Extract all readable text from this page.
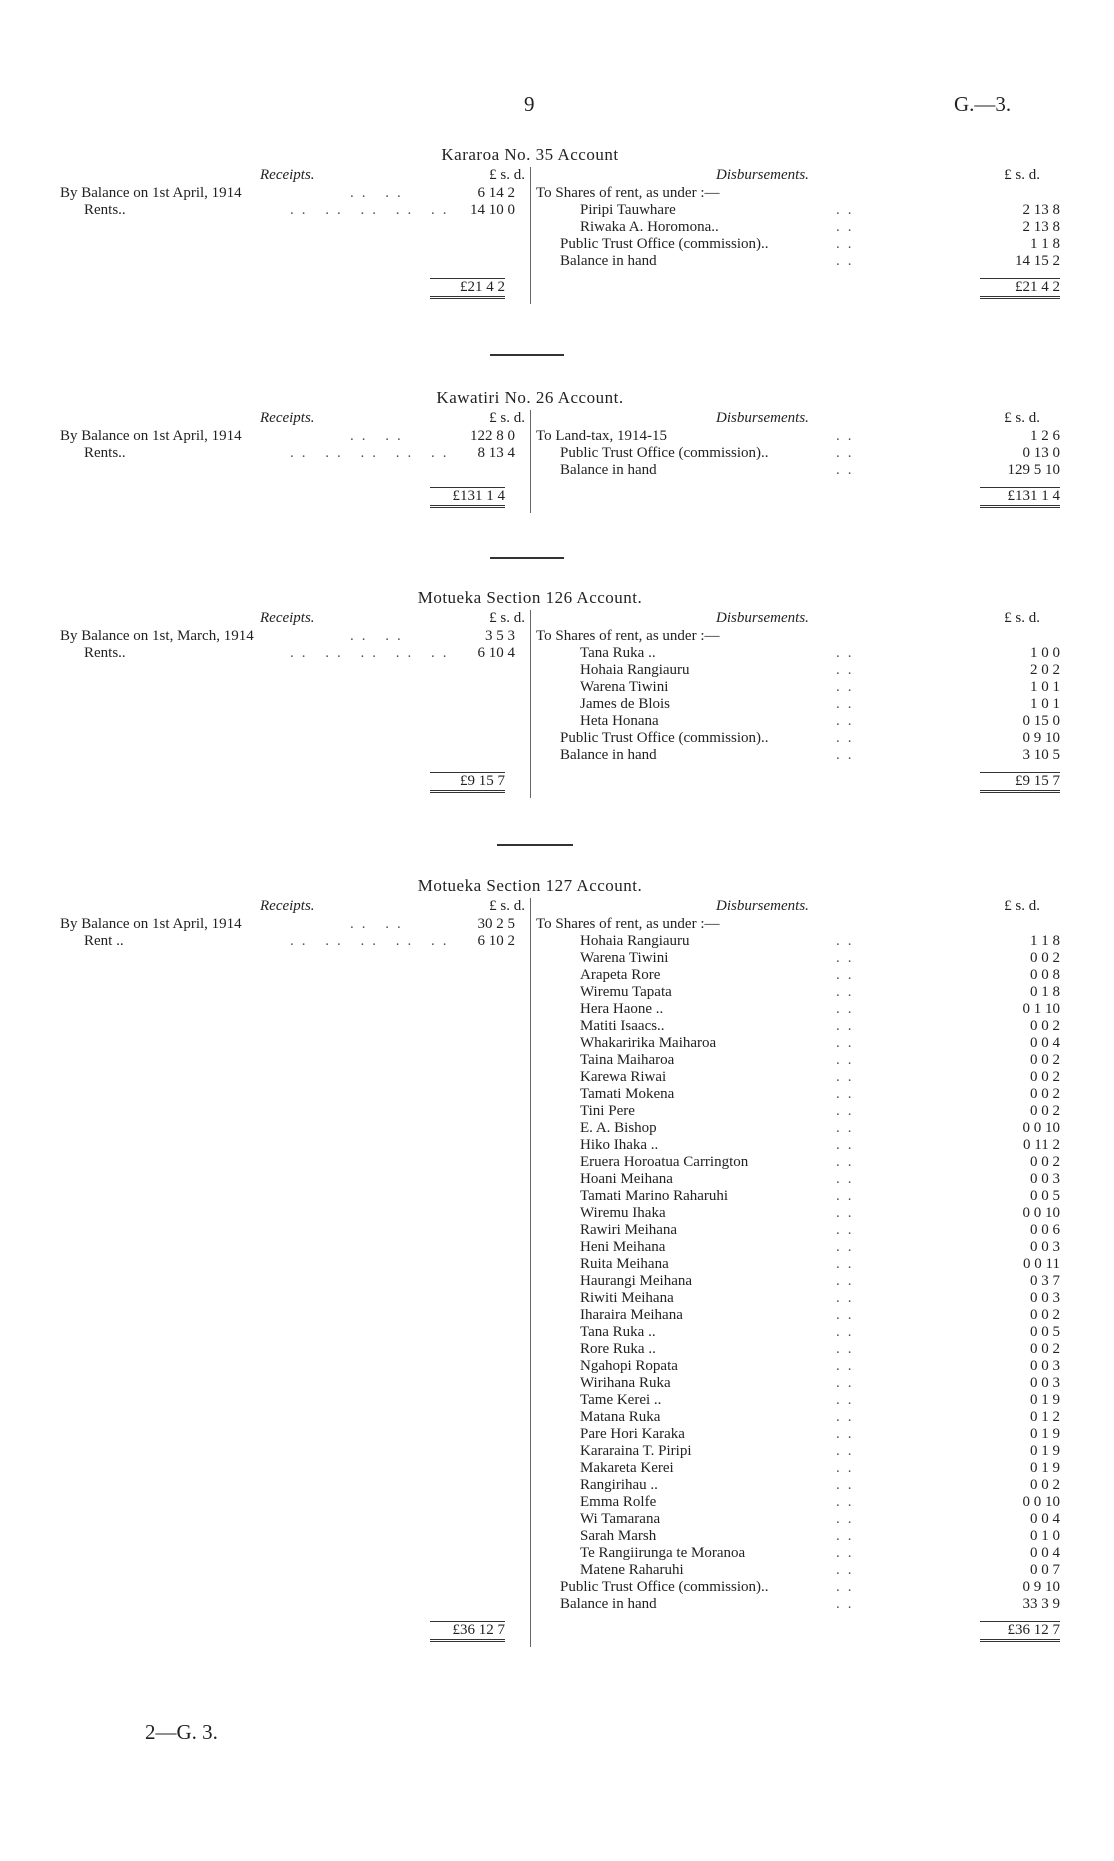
9	G.—3.
Kararoa No. 35 Account
Receipts.	£ s. d.
By Balance on 1st April, 1914	.. ..	6 14 2
Rents..	.. .. .. .. ..	14 10 0
£21 4 2
Disbursements.	£ s. d.
To Shares of rent, as under :—
Piripi Tauwhare	..	2 13 8
Riwaka A. Horomona..	..	2 13 8
Public Trust Office (commission)..	..	1 1 8
Balance in hand	..	14 15 2
£21 4 2
Kawatiri No. 26 Account.
Receipts.	£ s. d.
By Balance on 1st April, 1914	.. ..	122 8 0
Rents..	.. .. .. .. ..	8 13 4
£131 1 4
Disbursements.	£ s. d.
To Land-tax, 1914-15	..	1 2 6
Public Trust Office (commission)..	..	0 13 0
Balance in hand	..	129 5 10
£131 1 4
Motueka Section 126 Account.
Receipts.	£ s. d.
By Balance on 1st, March, 1914	.. ..	3 5 3
Rents..	.. .. .. .. ..	6 10 4
£9 15 7
Disbursements.	£ s. d.
To Shares of rent, as under :—
Tana Ruka ..	..	1 0 0
Hohaia Rangiauru	..	2 0 2
Warena Tiwini	..	1 0 1
James de Blois	..	1 0 1
Heta Honana	..	0 15 0
Public Trust Office (commission)..	..	0 9 10
Balance in hand	..	3 10 5
£9 15 7
Motueka Section 127 Account.
Receipts.	£ s. d.
By Balance on 1st April, 1914	.. ..	30 2 5
Rent ..	.. .. .. .. ..	6 10 2
£36 12 7
Disbursements.	£ s. d.
To Shares of rent, as under :—
Hohaia Rangiauru	..	1 1 8
Warena Tiwini	..	0 0 2
Arapeta Rore	..	0 0 8
Wiremu Tapata	..	0 1 8
Hera Haone ..	..	0 1 10
Matiti Isaacs..	..	0 0 2
Whakaririka Maiharoa	..	0 0 4
Taina Maiharoa	..	0 0 2
Karewa Riwai	..	0 0 2
Tamati Mokena	..	0 0 2
Tini Pere	..	0 0 2
E. A. Bishop	..	0 0 10
Hiko Ihaka ..	..	0 11 2
Eruera Horoatua Carrington	..	0 0 2
Hoani Meihana	..	0 0 3
Tamati Marino Raharuhi	..	0 0 5
Wiremu Ihaka	..	0 0 10
Rawiri Meihana	..	0 0 6
Heni Meihana	..	0 0 3
Ruita Meihana	..	0 0 11
Haurangi Meihana	..	0 3 7
Riwiti Meihana	..	0 0 3
Iharaira Meihana	..	0 0 2
Tana Ruka ..	..	0 0 5
Rore Ruka ..	..	0 0 2
Ngahopi Ropata	..	0 0 3
Wirihana Ruka	..	0 0 3
Tame Kerei ..	..	0 1 9
Matana Ruka	..	0 1 2
Pare Hori Karaka	..	0 1 9
Kararaina T. Piripi	..	0 1 9
Makareta Kerei	..	0 1 9
Rangirihau ..	..	0 0 2
Emma Rolfe	..	0 0 10
Wi Tamarana	..	0 0 4
Sarah Marsh	..	0 1 0
Te Rangiirunga te Moranoa	..	0 0 4
Matene Raharuhi	..	0 0 7
Public Trust Office (commission)..	..	0 9 10
Balance in hand	..	33 3 9
£36 12 7
2—G. 3.
